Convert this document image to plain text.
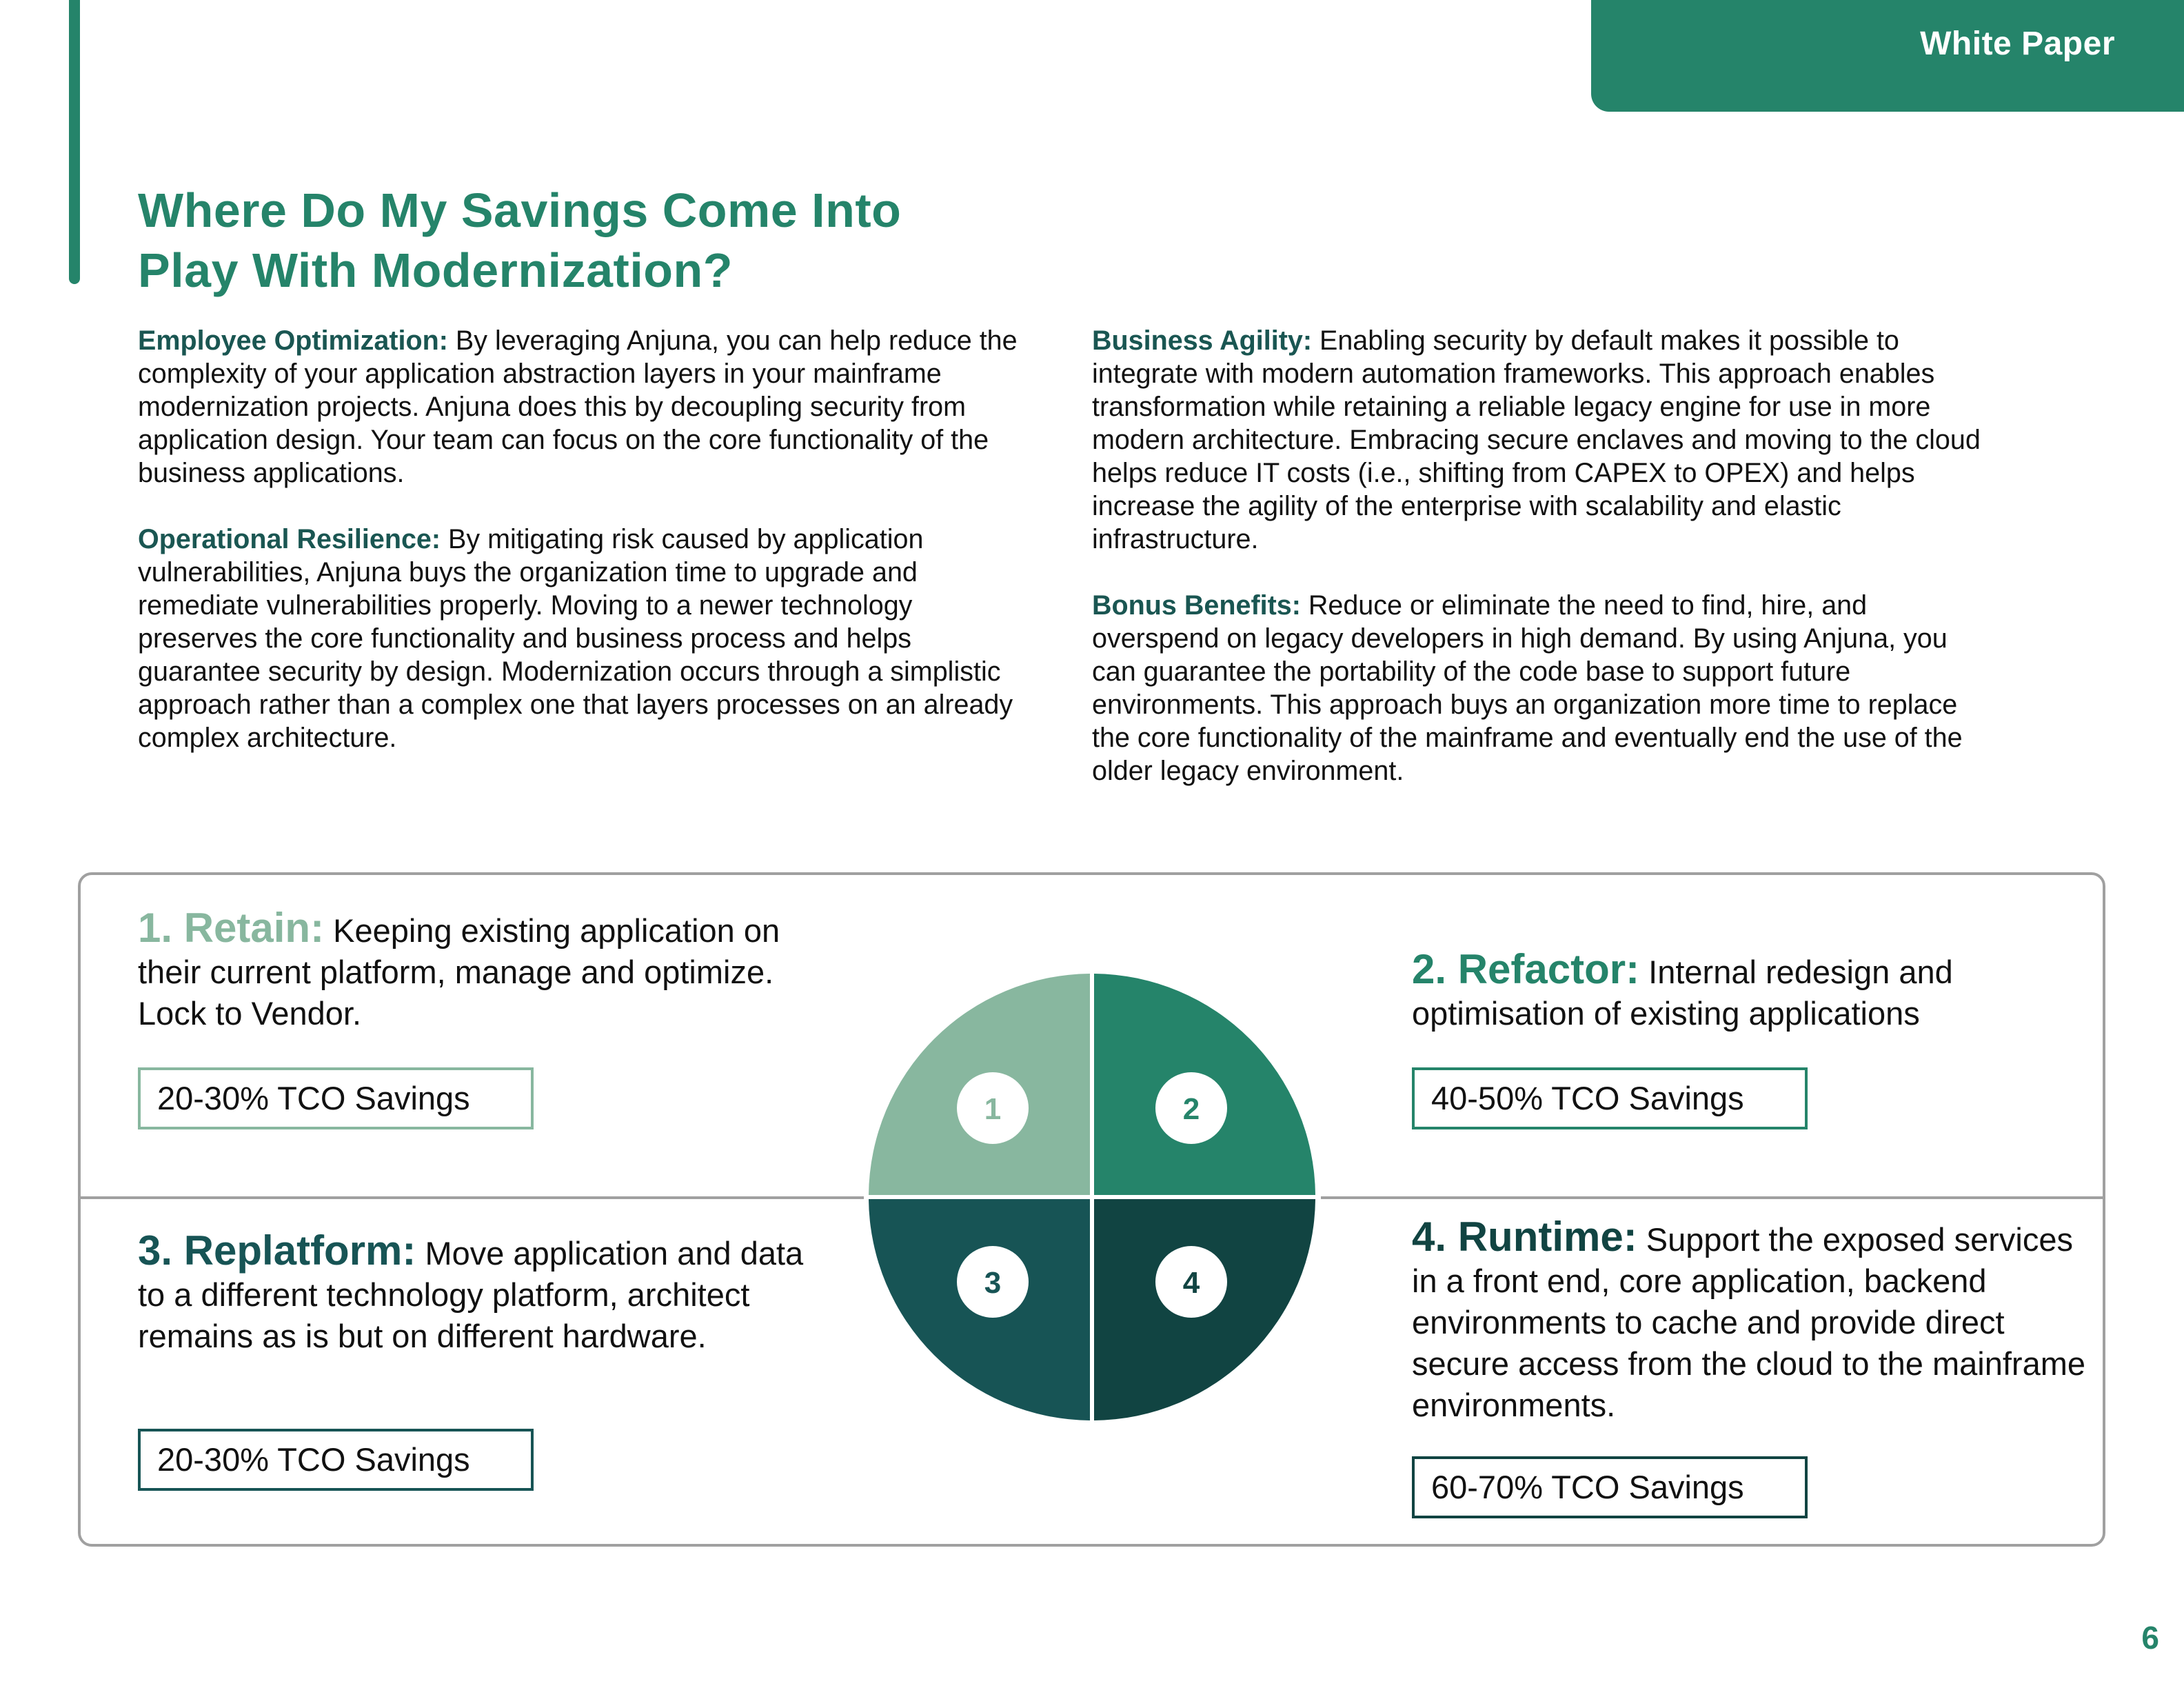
White Paper
Where Do My Savings Come Into
Play With Modernization?

Employee Optimization: By leveraging Anjuna, you can help reduce the complexity of your application abstraction layers in your mainframe modernization projects. Anjuna does this by decoupling security from application design. Your team can focus on the core functionality of the business applications.

Operational Resilience: By mitigating risk caused by application vulnerabilities, Anjuna buys the organization time to upgrade and remediate vulnerabilities properly. Moving to a newer technology preserves the core functionality and business process and helps guarantee security by design. Modernization occurs through a simplistic approach rather than a complex one that layers processes on an already complex architecture.

Business Agility: Enabling security by default makes it possible to integrate with modern automation frameworks. This approach enables transformation while retaining a reliable legacy engine for use in more modern architecture. Embracing secure enclaves and moving to the cloud helps reduce IT costs (i.e., shifting from CAPEX to OPEX) and helps increase the agility of the enterprise with scalability and elastic infrastructure.

Bonus Benefits: Reduce or eliminate the need to find, hire, and overspend on legacy developers in high demand. By using Anjuna, you can guarantee the portability of the code base to support future environments. This approach buys an organization more time to replace the core functionality of the mainframe and eventually end the use of the older legacy environment.

1. Retain: Keeping existing application on their current platform, manage and optimize. Lock to Vendor.
20-30% TCO Savings
2. Refactor: Internal redesign and optimisation of existing applications
40-50% TCO Savings
3. Replatform: Move application and data to a different technology platform, architect remains as is but on different hardware.
20-30% TCO Savings
4. Runtime: Support the exposed services in a front end, core application, backend environments to cache and provide direct secure access from the cloud to the mainframe environments.
60-70% TCO Savings
1	2
3	4
6
